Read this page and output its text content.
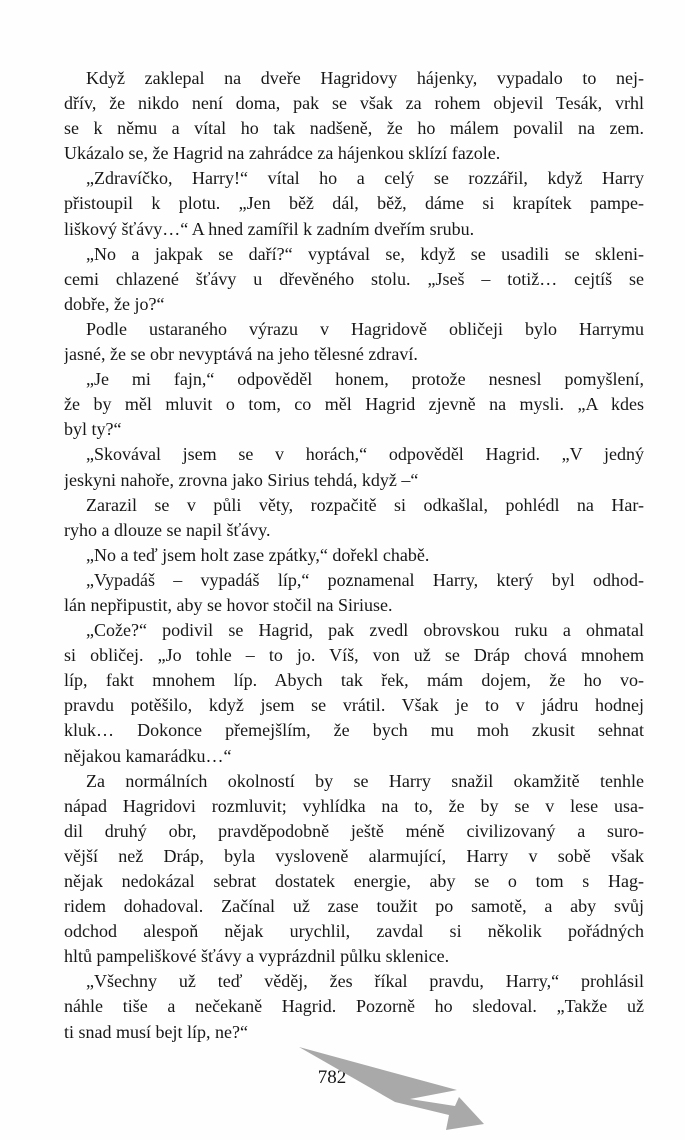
Když zaklepal na dveře Hagridovy hájenky, vypadalo to nej-
dřív, že nikdo není doma, pak se však za rohem objevil Tesák, vrhl
se k němu a vítal ho tak nadšeně, že ho málem povalil na zem.
Ukázalo se, že Hagrid na zahrádce za hájenkou sklízí fazole.
„Zdravíčko, Harry!“ vítal ho a celý se rozzářil, když Harry
přistoupil k plotu. „Jen běž dál, běž, dáme si krapítek pampe-
liškový šťávy…“ A hned zamířil k zadním dveřím srubu.
„No a jakpak se daří?“ vyptával se, když se usadili se skleni-
cemi chlazené šťávy u dřevěného stolu. „Jseš – totiž… cejtíš se
dobře, že jo?“
Podle ustaraného výrazu v Hagridově obličeji bylo Harrymu
jasné, že se obr nevyptává na jeho tělesné zdraví.
„Je mi fajn,“ odpověděl honem, protože nesnesl pomyšlení,
že by měl mluvit o tom, co měl Hagrid zjevně na mysli. „A kdes
byl ty?“
„Skovával jsem se v horách,“ odpověděl Hagrid. „V jedný
jeskyni nahoře, zrovna jako Sirius tehdá, když –“
Zarazil se v půli věty, rozpačitě si odkašlal, pohlédl na Har-
ryho a dlouze se napil šťávy.
„No a teď jsem holt zase zpátky,“ dořekl chabě.
„Vypadáš – vypadáš líp,“ poznamenal Harry, který byl odhod-
lán nepřipustit, aby se hovor stočil na Siriuse.
„Cože?“ podivil se Hagrid, pak zvedl obrovskou ruku a ohmatal
si obličej. „Jo tohle – to jo. Víš, von už se Dráp chová mnohem
líp, fakt mnohem líp. Abych tak řek, mám dojem, že ho vo-
pravdu potěšilo, když jsem se vrátil. Však je to v jádru hodnej
kluk… Dokonce přemejšlím, že bych mu moh zkusit sehnat
nějakou kamarádku…“
Za normálních okolností by se Harry snažil okamžitě tenhle
nápad Hagridovi rozmluvit; vyhlídka na to, že by se v lese usa-
dil druhý obr, pravděpodobně ještě méně civilizovaný a suro-
vější než Dráp, byla vysloveně alarmující, Harry v sobě však
nějak nedokázal sebrat dostatek energie, aby se o tom s Hag-
ridem dohadoval. Začínal už zase toužit po samotě, a aby svůj
odchod alespoň nějak urychlil, zavdal si několik pořádných
hltů pampeliškové šťávy a vyprázdnil půlku sklenice.
„Všechny už teď věděj, žes říkal pravdu, Harry,“ prohlásil
náhle tiše a nečekaně Hagrid. Pozorně ho sledoval. „Takže už
ti snad musí bejt líp, ne?“
782
